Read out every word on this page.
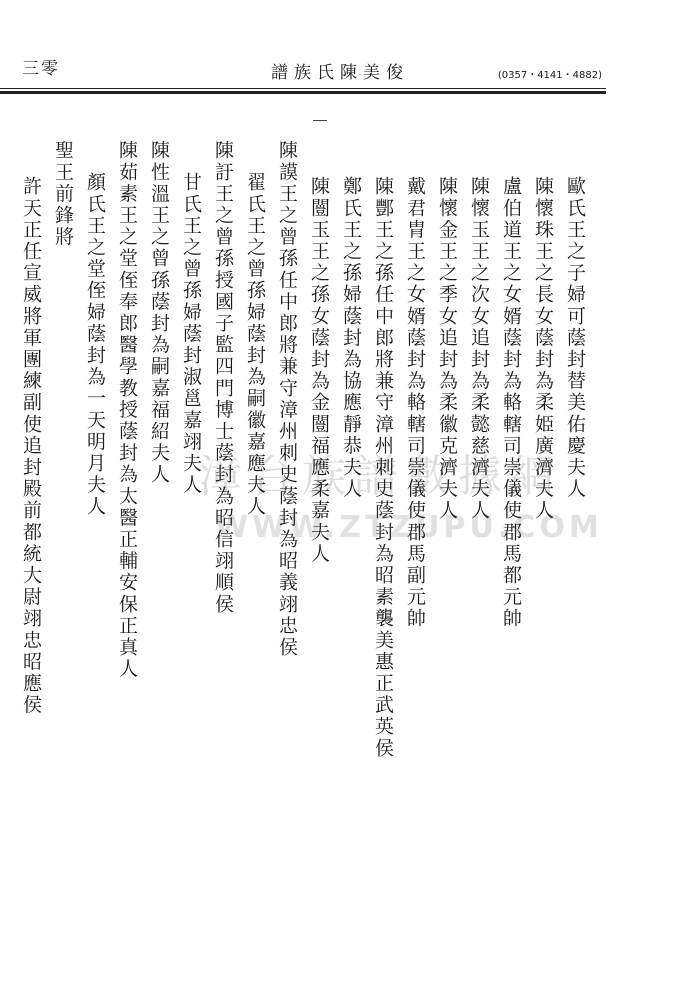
三零	譜族氏陳美俊	(0357・4141・4882)
漳台族譜數據網
WWW.ZTZUPU.COM
歐氏王之子婦可蔭封替美佑慶夫人
陳懷珠王之長女蔭封為柔姫廣濟夫人
盧伯道王之女婿蔭封為輅轄司崇儀使郡馬都元帥
陳懷玉王之次女追封為柔懿慈濟夫人
陳懷金王之季女追封為柔徽克濟夫人
戴君胄王之女婿蔭封為輅轄司崇儀使郡馬副元帥
陳酆王之孫任中郎將兼守漳州刺史蔭封為昭素襲美惠正武英侯
鄭氏王之孫婦蔭封為協應靜恭夫人
陳闓玉王之孫女蔭封為金闓福應柔嘉夫人
翟氏王之曾孫婦蔭封為嗣徽嘉應夫人 陳謨王之曾孫任中郎將兼守漳州刺史蔭封為昭義翊忠侯
陳訏王之曾孫授國子監四門博士蔭封為昭信翊順侯
甘氏王之曾孫婦蔭封淑邕嘉翊夫人
陳性溫王之曾孫蔭封為嗣嘉福紹夫人
陳茹素王之堂侄奉郎醫學教授蔭封為太醫正輔安保正真人
顏氏王之堂侄婦蔭封為一天明月夫人
聖王前鋒將
許天正任宣威將軍團練副使追封殿前都統大尉翊忠昭應侯
